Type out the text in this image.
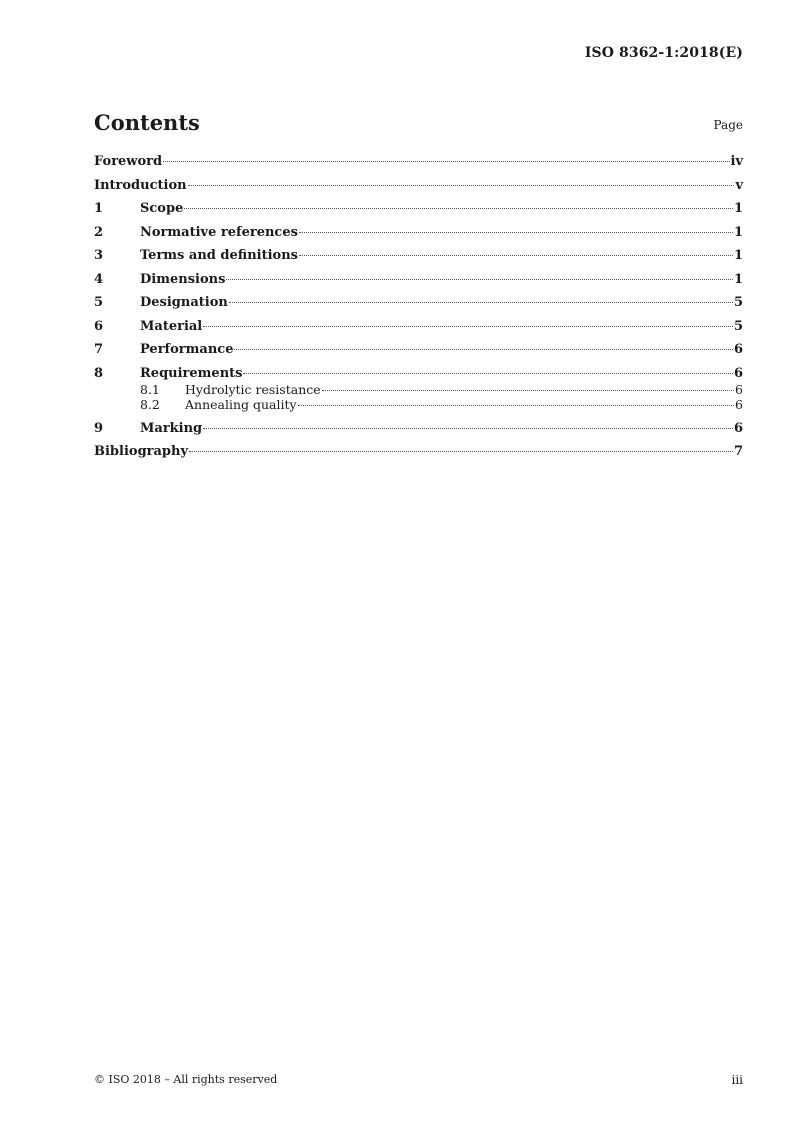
ISO 8362-1:2018(E)
Contents	Page
Foreword	iv
Introduction	v
1	Scope	1
2	Normative references	1
3	Terms and definitions	1
4	Dimensions	1
5	Designation	5
6	Material	5
7	Performance	6
8	Requirements	6
8.1	Hydrolytic resistance	6
8.2	Annealing quality	6
9	Marking	6
Bibliography	7
© ISO 2018 – All rights reserved	iii
